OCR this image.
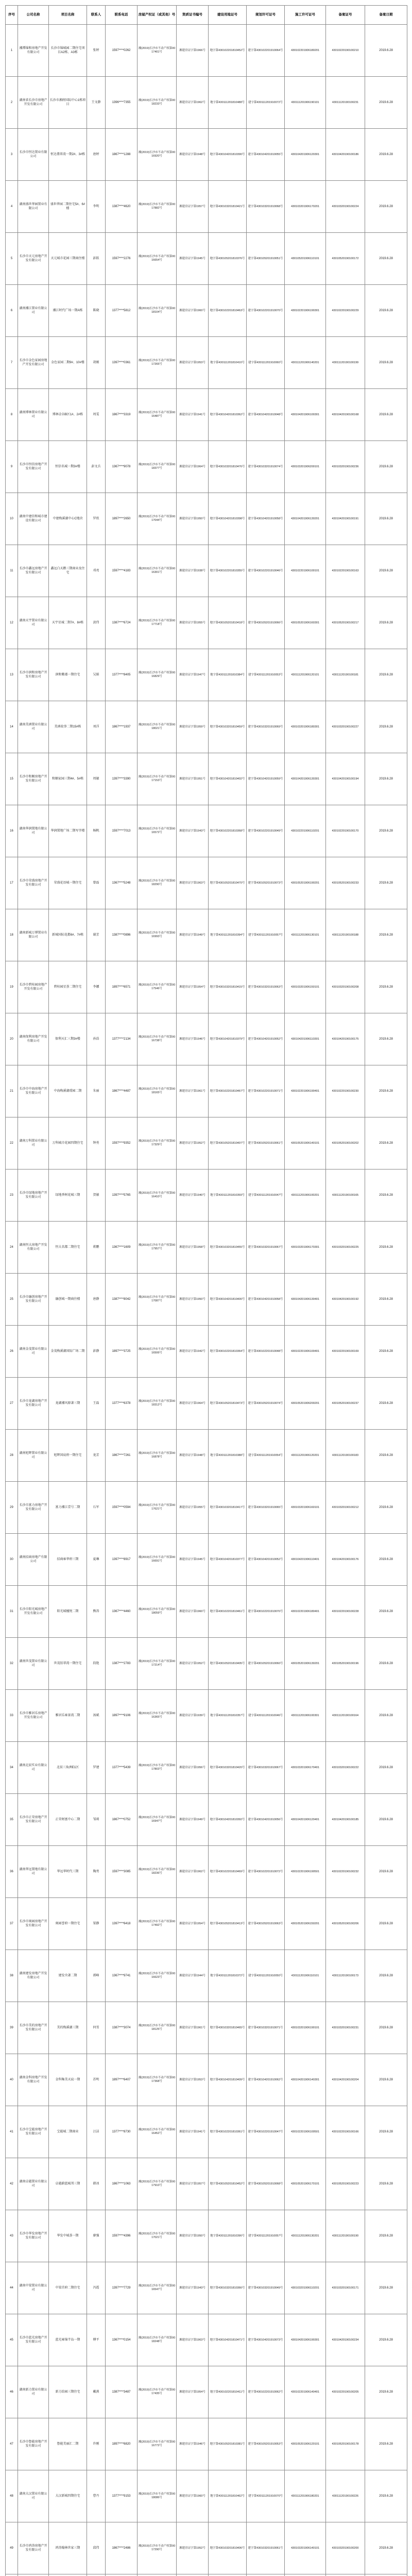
序号	公司名称	项目名称	联系人	联系电话	房屋产权证（或其他）号	资质证书编号	建设用地证号	规划许可证号	施工许可证号	备案证号	备案日期
1	湘潭锦和房地产开发有限公司	长沙市锦城园二期住宅项目A2栋、A3栋	张婷	1597****0262	湘(2019)长沙市不动产权第0017401号	湘建房证字第1966号	地字第430102201810452号	建字第430102201910064号	430102201906180201	43010220190100210	2019.6.28
2	湖南省长沙市房地产开发有限公司	长沙市湘府国际中心1栋项目	王文静	1396****7355	湘(2019)长沙市不动产权第0018233号	湘建房证字第1962号	地字第430111201810488号	建字第430111201910072号	430111201906190101	43011120190100231	2019.6.28
3	长沙市恒达置业有限公司	恒达翡翠湾一期2#、3#栋	唐婷	1867****1288	湘(2019)长沙市不动产权第0016920号	湘建房证字第1948号	地字第430104201810390号	建字第430104201910055号	430104201906120301	43010420190100186	2019.6.28
4	湖南盛世华园置业有限公司	盛世华园二期住宅5#、6#楼	李明	1387****4620	湘(2019)长沙市不动产权第0017882号	湘建房证字第1957号	地字第430103201810421号	建字第430103201910068号	430103201906170201	43010320190100224	2019.6.28
5	长沙市天元房地产开发有限公司	天元城市花园三期商住楼	彭跃	1597****2276	湘(2019)长沙市不动产权第0016654号	湘建房证字第1945号	地字第430105201810376号	建字第430105201910051号	430105201906110101	43010520190100172	2019.6.28
6	湖南湘江置业有限公司	湘江时代广场一期A栋	陈晓	1377****5812	湘(2019)长沙市不动产权第0018104号	湘建房证字第1960号	地字第430102201810463号	建字第430102201910070号	430102201906190301	43010220190100229	2019.6.28
7	长沙市金色家园房地产开发有限公司	金色家园二期9#、10#楼	胡刚	1397****0361	湘(2019)长沙市不动产权第0017265号	湘建房证字第1953号	地字第430111201810410号	建字第430111201910060号	430111201906140201	43011120190100199	2019.6.28
8	湖南博林置业有限公司	博林金谷B区1#、2#栋	周雯	1867****3319	湘(2019)长沙市不动产权第0016487号	湘建房证字第1941号	地字第430104201810362号	建字第430104201910048号	430104201906100301	43010420190100168	2019.6.28
9	长沙市恒信房地产开发有限公司	恒信名城一期3#楼	彭文兵	1367****9078	湘(2019)长沙市不动产权第0018377号	湘建房证字第1964号	地字第430103201810476号	建字第430103201910074号	430103201906200101	43010320190100236	2019.6.28
10	湖南中建信和城市建设有限公司	中建梅溪湖中心C地块	罗欣	1897****2650	湘(2019)长沙市不动产权第0017044号	湘建房证字第1950号	地字第430104201810398号	建字第430104201910058号	430104201906130201	43010420190100191	2019.6.28
11	长沙市鑫远房地产开发有限公司	鑫远白天鹅三期商业及住宅	邓亮	1597****4183	湘(2019)长沙市不动产权第0016301号	湘建房证字第1938号	地字第430102201810355号	建字第430102201910046号	430102201906100101	43010220190100163	2019.6.28
12	湖南天宇置业有限公司	天宇星城二期7#、8#栋	黄伟	1387****6724	湘(2019)长沙市不动产权第0017718号	湘建房证字第1955号	地字第430105201810418号	建字第430105201910066号	430105201906160301	43010520190100217	2019.6.28
13	长沙市润和房地产开发有限公司	润和紫郡一期住宅	吴娟	1377****8405	湘(2019)长沙市不动产权第0016829号	湘建房证字第1947号	地字第430111201810384号	建字第430111201910053号	430111201906120101	43011120190100181	2019.6.28
14	湖南美洲置业有限公司	美洲故事二期15#栋	刘洋	1867****1937	湘(2019)长沙市不动产权第0018021号	湘建房证字第1959号	地字第430103201810459号	建字第430103201910069号	430103201906180301	43010320190100227	2019.6.28
15	长沙市和顺房地产开发有限公司	和顺家园三期4#、5#栋	周敏	1397****3390	湘(2019)长沙市不动产权第0017153号	湘建房证字第1951号	地字第430104201810402号	建字第430104201910059号	430104201906130301	43010420190100194	2019.6.28
16	湖南华润置地有限公司	华润置地广场二期写字楼	杨帆	1597****7013	湘(2019)长沙市不动产权第0016572号	湘建房证字第1943号	地字第430102201810368号	建字第430102201910049号	430102201906110201	43010220190100170	2019.6.28
17	长沙市荣盛房地产开发有限公司	荣盛花语城一期住宅	曾磊	1367****5248	湘(2019)长沙市不动产权第0018290号	湘建房证字第1963号	地字第430105201810470号	建字第430105201910073号	430105201906190201	43010520190100233	2019.6.28
18	湖南新城万博置业有限公司	新城国际花都6#、7#栋	谢芳	1387****0896	湘(2019)长沙市不动产权第0016993号	湘建房证字第1949号	地字第430111201810394号	建字第430111201910057号	430111201906130101	43011120190100188	2019.6.28
19	长沙市碧桂园房地产开发有限公司	碧桂园星荟二期住宅	李娜	1897****6571	湘(2019)长沙市不动产权第0017546号	湘建房证字第1954号	地字第430103201810415号	建字第430103201910063号	430103201906150101	43010320190100208	2019.6.28
20	湖南保利房地产开发有限公司	保利天汇三期3#楼	孙浩	1377****2134	湘(2019)长沙市不动产权第0016738号	湘建房证字第1946号	地字第430104201810379号	建字第430104201910052号	430104201906110301	43010420190100175	2019.6.28
21	长沙市中海房地产开发有限公司	中海梅溪湖璟园二期	朱丽	1867****4487	湘(2019)长沙市不动产权第0018165号	湘建房证字第1961号	地字第430102201810467号	建字第430102201910071号	430102201906190401	43010220190100230	2019.6.28
22	湖南万科置业有限公司	万科城市花园四期住宅	钟勇	1597****9352	湘(2019)长沙市不动产权第0017329号	湘建房证字第1952号	地字第430105201810407号	建字第430105201910061号	430105201906140101	43010520190100202	2019.6.28
23	长沙市绿地房地产开发有限公司	绿地香树花城三期	贺敏	1397****5765	湘(2019)长沙市不动产权第0016410号	湘建房证字第1940号	地字第430111201810359号	建字第430111201910047号	430111201906100201	43011120190100165	2019.6.28
24	湖南恒大房地产开发有限公司	恒大名都二期住宅	蒋鹏	1367****1609	湘(2019)长沙市不动产权第0017957号	湘建房证字第1958号	地字第430103201810455号	建字第430103201910067号	430103201906170301	43010320190100225	2019.6.28
25	长沙市融创房地产开发有限公司	融创城一期商住楼	唐静	1387****8042	湘(2019)长沙市不动产权第0017087号	湘建房证字第1950号	地字第430104201810400号	建字第430104201910058号	430104201906130401	43010420190100192	2019.6.28
26	湖南金茂置业有限公司	金茂梅溪湖国际广场二期	彭静	1897****3725	湘(2019)长沙市不动产权第0016506号	湘建房证字第1942号	地字第430102201810364号	建字第430102201910048号	430102201906100401	43010220190100169	2019.6.28
27	长沙市龙湖房地产开发有限公司	龙湖湘风原著三期	王磊	1377****6378	湘(2019)长沙市不动产权第0018312号	湘建房证字第1964号	地字第430105201810473号	建字第430105201910074号	430105201906200201	43010520190100237	2019.6.28
28	湖南旭辉置业有限公司	旭辉国宸府一期住宅	龙芳	1867****7261	湘(2019)长沙市不动产权第0016878号	湘建房证字第1948号	地字第430111201810388号	建字第430111201910054号	430111201906120201	43011120190100183	2019.6.28
29	长沙市富力房地产开发有限公司	富力湘江壹号二期	石军	1597****0594	湘(2019)长沙市不动产权第0017621号	湘建房证字第1955号	地字第430103201810417号	建字第430103201910065号	430103201906160101	43010320190100212	2019.6.28
30	湖南招商房地产有限公司	招商雍华府三期	夏琳	1397****8917	湘(2019)长沙市不动产权第0016691号	湘建房证字第1945号	地字第430104201810377号	建字第430104201910052号	430104201906110401	43010420190100176	2019.6.28
31	长沙市阳光城房地产开发有限公司	阳光城檀悦二期	熊涛	1367****4460	湘(2019)长沙市不动产权第0018059号	湘建房证字第1960号	地字第430102201810461号	建字第430102201910070号	430102201906180401	43010220190100228	2019.6.28
32	湖南世茂置业有限公司	世茂铂翠湾一期住宅	段艳	1387****2783	湘(2019)长沙市不动产权第0017214号	湘建房证字第1952号	地字第430105201810405号	建字第430105201910060号	430105201906130201	43010520190100196	2019.6.28
33	长沙市雅居乐房地产开发有限公司	雅居乐雍景湾二期	汤斌	1897****9106	湘(2019)长沙市不动产权第0016365号	湘建房证字第1939号	地字第430111201810357号	建字第430111201910046号	430111201906100301	43011120190100164	2019.6.28
34	湖南北辰实业有限公司	北辰三角洲E1区	罗建	1377****5439	湘(2019)长沙市不动产权第0017803号	湘建房证字第1956号	地字第430103201810420号	建字第430103201910067号	430103201906170401	43010320190100222	2019.6.28
35	长沙市正荣房地产开发有限公司	正荣财富中心二期	邹莉	1867****0752	湘(2019)长沙市不动产权第0016947号	湘建房证字第1949号	地字第430104201810392号	建字第430104201910056号	430104201906120401	43010420190100185	2019.6.28
36	湖南华远置地有限公司	华远华时代三期	陶勇	1597****3085	湘(2019)长沙市不动产权第0018236号	湘建房证字第1962号	地字第430102201810469号	建字第430102201910072号	430102201906190501	43010220190100232	2019.6.28
37	长沙市奥园房地产开发有限公司	奥园誉府一期住宅	梁静	1397****6418	湘(2019)长沙市不动产权第0017492号	湘建房证字第1954号	地字第430105201810413号	建字第430105201910063号	430105201906150201	43010520190100206	2019.6.28
38	湖南建发房地产开发有限公司	建发央著二期	郭峰	1367****9741	湘(2019)长沙市不动产权第0016623号	湘建房证字第1944号	地字第430111201810372号	建字第430111201910050号	430111201906110101	43011120190100173	2019.6.28
39	长沙市美的房地产开发有限公司	美的梅溪湖三期	何雪	1387****3074	湘(2019)长沙市不动产权第0018125号	湘建房证字第1961号	地字第430103201810465号	建字第430103201910071号	430103201906190101	43010320190100231	2019.6.28
40	湖南金科房地产开发有限公司	金科集美天宸一期	苏明	1897****6407	湘(2019)长沙市不动产权第0017368号	湘建房证字第1953号	地字第430104201810409号	建字第430104201910062号	430104201906140301	43010420190100204	2019.6.28
41	长沙市宝能房地产开发有限公司	宝能城二期商业	汪洁	1377****8730	湘(2019)长沙市不动产权第0016452号	湘建房证字第1941号	地字第430102201810361号	建字第430102201910047号	430102201906100501	43010220190100166	2019.6.28
42	湖南卓越置业有限公司	卓越蔚蓝城邦三期	韩冰	1867****1063	湘(2019)长沙市不动产权第0017910号	湘建房证字第1957号	地字第430105201810452号	建字第430105201910068号	430105201906170101	43010520190100223	2019.6.28
43	长沙市华发房地产开发有限公司	华发中城荟一期	廖强	1597****4396	湘(2019)长沙市不动产权第0017021号	湘建房证字第1950号	地字第430111201810396号	建字第430111201910057号	430111201906130201	43011120190100190	2019.6.28
44	湖南中梁置业有限公司	中梁首府二期住宅	冯霞	1397****7729	湘(2019)长沙市不动产权第0016547号	湘建房证字第1943号	地字第430103201810366号	建字第430103201910049号	430103201906110201	43010320190100171	2019.6.28
45	长沙市蓝光房地产开发有限公司	蓝光雍锦半岛一期	傅平	1367****0154	湘(2019)长沙市不动产权第0018248号	湘建房证字第1963号	地字第430104201810471号	建字第430104201910073号	430104201906190301	43010420190100234	2019.6.28
46	湖南新力置业有限公司	新力铂园三期住宅	戴燕	1387****3487	湘(2019)长沙市不动产权第0017435号	湘建房证字第1954号	地字第430102201810411号	建字第430102201910062号	430102201906140401	43010220190100205	2019.6.28
47	长沙市鲁能房地产开发有限公司	鲁能美丽汇二期	许刚	1897****6820	湘(2019)长沙市不动产权第0016772号	湘建房证字第1946号	地字第430105201810381号	建字第430105201910053号	430105201906120101	43010520190100178	2019.6.28
48	湖南大汉置业有限公司	大汉新城四期住宅	曹丹	1377****9153	湘(2019)长沙市不动产权第0018086号	湘建房证字第1960号	地字第430111201810462号	建字第430111201910070号	430111201906180201	43011120190100226	2019.6.28
49	长沙市鸿涛房地产开发有限公司	鸿涛翰林世家三期	邱伟	1867****2486	湘(2019)长沙市不动产权第0017290号	湘建房证字第1952号	地字第430103201810406号	建字第430103201910061号	430103201906140101	43010320190100200	2019.6.28
